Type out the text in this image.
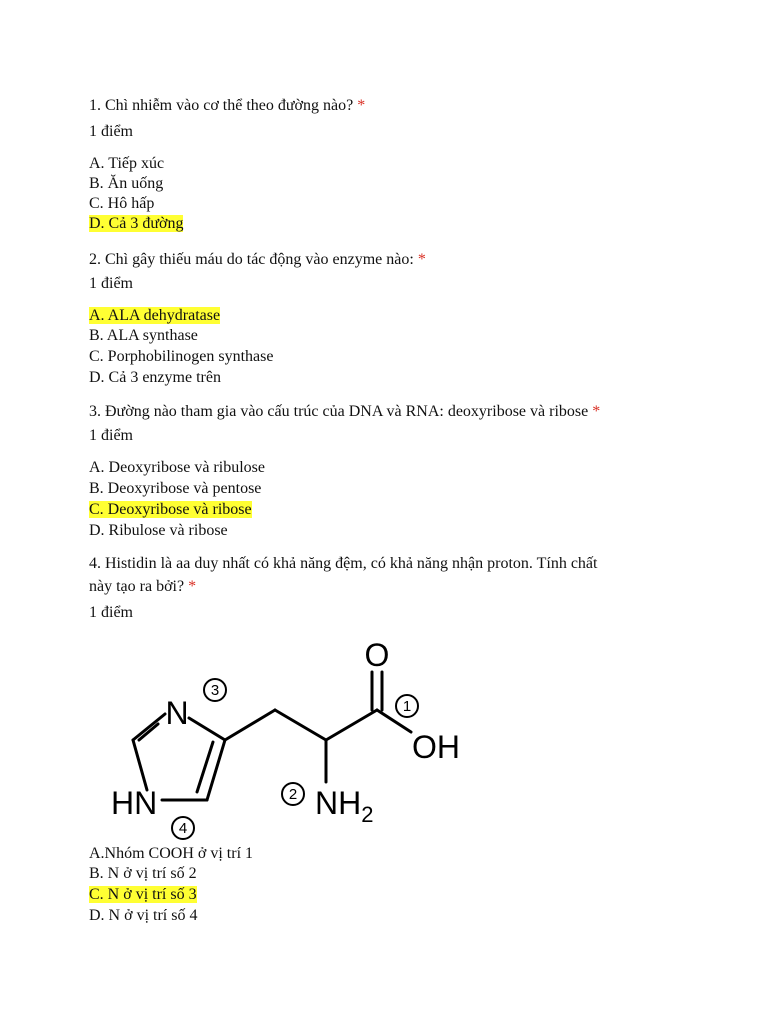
1. Chì nhiễm vào cơ thể theo đường nào? *
1 điểm
A. Tiếp xúc
B. Ăn uống
C. Hô hấp
D. Cả 3 đường
2. Chì gây thiếu máu do tác động vào enzyme nào: *
1 điểm
A. ALA dehydratase
B. ALA synthase
C. Porphobilinogen synthase
D. Cả 3 enzyme trên
3. Đường nào tham gia vào cấu trúc của DNA và RNA: deoxyribose và ribose *
1 điểm
A. Deoxyribose và ribulose
B. Deoxyribose và pentose
C. Deoxyribose và ribose
D. Ribulose và ribose
4. Histidin là aa duy nhất có khả năng đệm, có khả năng nhận proton. Tính chất
này tạo ra bởi? *
1 điểm
O
OH
N
HN	$NH_2$
1
2
3
4
A.Nhóm COOH ở vị trí 1
B. N ở vị trí số 2
C. N ở vị trí số 3
D. N ở vị trí số 4
